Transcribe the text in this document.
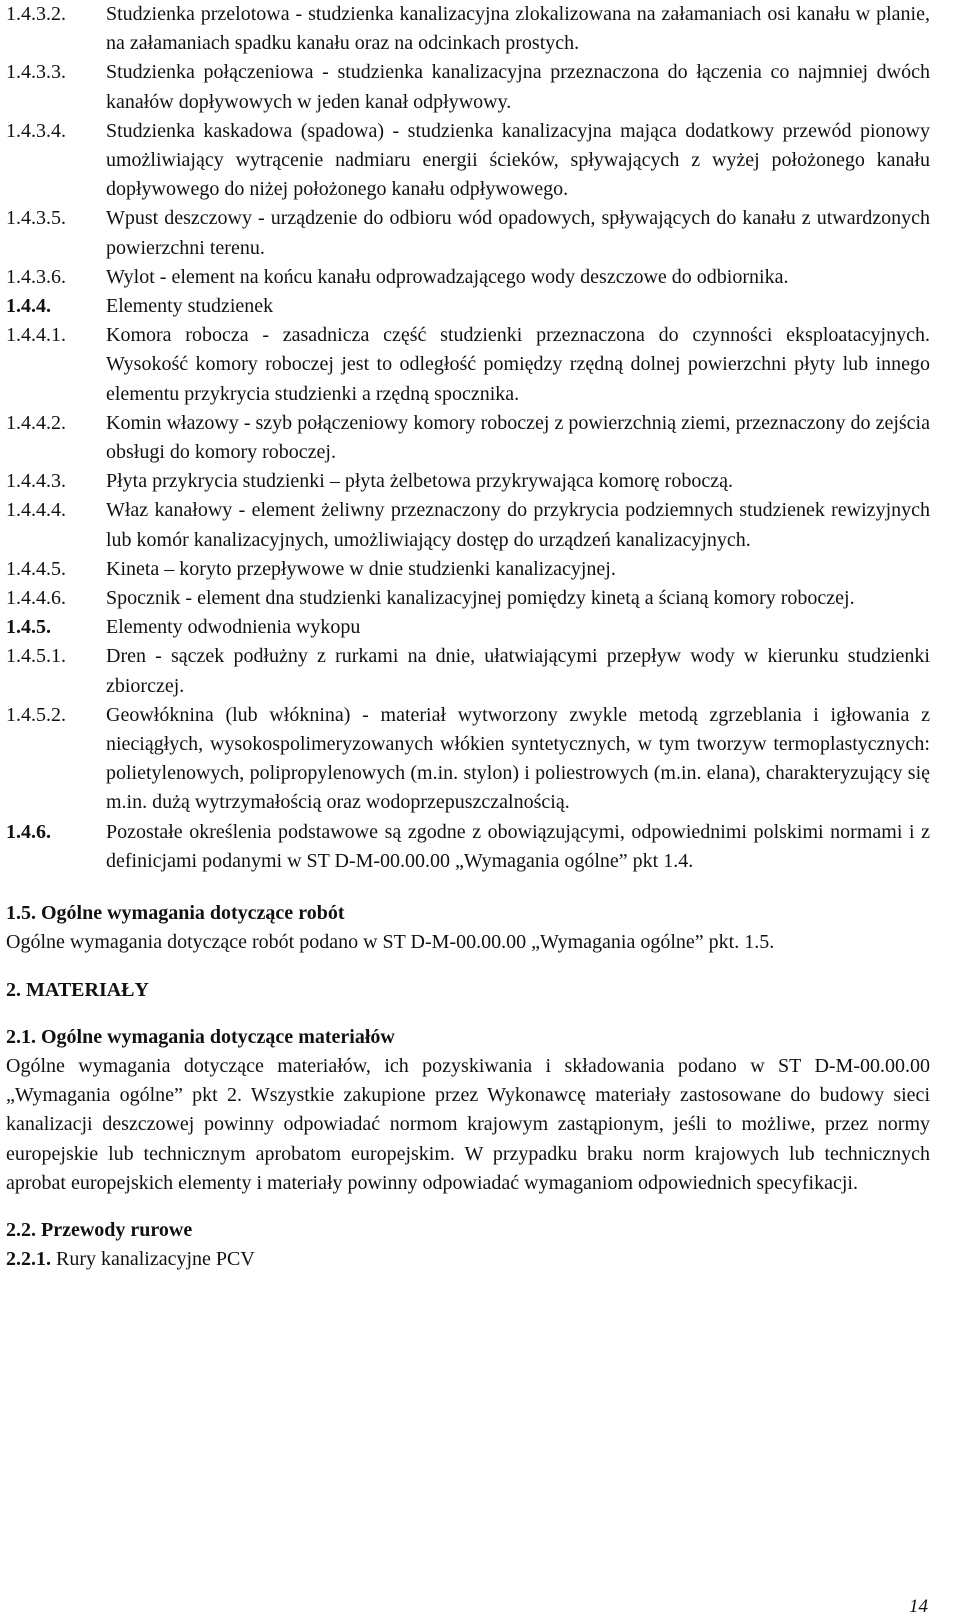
1.4.3.2.	Studzienka przelotowa - studzienka kanalizacyjna zlokalizowana na załamaniach osi kanału w planie, na załamaniach spadku kanału oraz na odcinkach prostych.
1.4.3.3.	Studzienka połączeniowa - studzienka kanalizacyjna przeznaczona do łączenia co najmniej dwóch kanałów dopływowych w jeden kanał odpływowy.
1.4.3.4.	Studzienka kaskadowa (spadowa) - studzienka kanalizacyjna mająca dodatkowy przewód pionowy umożliwiający wytrącenie nadmiaru energii ścieków, spływających z wyżej położonego kanału dopływowego do niżej położonego kanału odpływowego.
1.4.3.5.	Wpust deszczowy - urządzenie do odbioru wód opadowych, spływających do kanału z utwardzonych powierzchni terenu.
1.4.3.6.	Wylot - element na końcu kanału odprowadzającego wody deszczowe do odbiornika.
1.4.4.	Elementy studzienek
1.4.4.1.	Komora robocza - zasadnicza część studzienki przeznaczona do czynności eksploatacyjnych. Wysokość komory roboczej jest to odległość pomiędzy rzędną dolnej powierzchni płyty lub innego elementu przykrycia studzienki a rzędną spocznika.
1.4.4.2.	Komin włazowy - szyb połączeniowy komory roboczej z powierzchnią ziemi, przeznaczony do zejścia obsługi do komory roboczej.
1.4.4.3.	Płyta przykrycia studzienki – płyta żelbetowa przykrywająca komorę roboczą.
1.4.4.4.	Właz kanałowy - element żeliwny przeznaczony do przykrycia podziemnych studzienek rewizyjnych lub komór kanalizacyjnych, umożliwiający dostęp do urządzeń kanalizacyjnych.
1.4.4.5.	Kineta – koryto przepływowe w dnie studzienki kanalizacyjnej.
1.4.4.6.	Spocznik - element dna studzienki kanalizacyjnej pomiędzy kinetą a ścianą komory roboczej.
1.4.5.	Elementy odwodnienia wykopu
1.4.5.1.	Dren - sączek podłużny z rurkami na dnie, ułatwiającymi przepływ wody w kierunku studzienki zbiorczej.
1.4.5.2.	Geowłóknina (lub włóknina) - materiał wytworzony zwykle metodą zgrzeblania i igłowania z nieciągłych, wysokospolimeryzowanych włókien syntetycznych, w tym tworzyw termoplastycznych: polietylenowych, polipropylenowych (m.in. stylon) i poliestrowych (m.in. elana), charakteryzujący się m.in. dużą wytrzymałością oraz wodoprzepuszczalnością.
1.4.6.	Pozostałe określenia podstawowe są zgodne z obowiązującymi, odpowiednimi polskimi normami i z definicjami podanymi w ST D-M-00.00.00 „Wymagania ogólne” pkt 1.4.

1.5. Ogólne wymagania dotyczące robót

Ogólne wymagania dotyczące robót podano w ST D-M-00.00.00 „Wymagania ogólne” pkt. 1.5.

2. MATERIAŁY

2.1. Ogólne wymagania dotyczące materiałów

Ogólne wymagania dotyczące materiałów, ich pozyskiwania i składowania podano w ST D-M-00.00.00 „Wymagania ogólne” pkt 2. Wszystkie zakupione przez Wykonawcę materiały zastosowane do budowy sieci kanalizacji deszczowej powinny odpowiadać normom krajowym zastąpionym, jeśli to możliwe, przez normy europejskie lub technicznym aprobatom europejskim. W przypadku braku norm krajowych lub technicznych aprobat europejskich elementy i materiały powinny odpowiadać wymaganiom odpowiednich specyfikacji.

2.2. Przewody rurowe

2.2.1. Rury kanalizacyjne PCV

14
